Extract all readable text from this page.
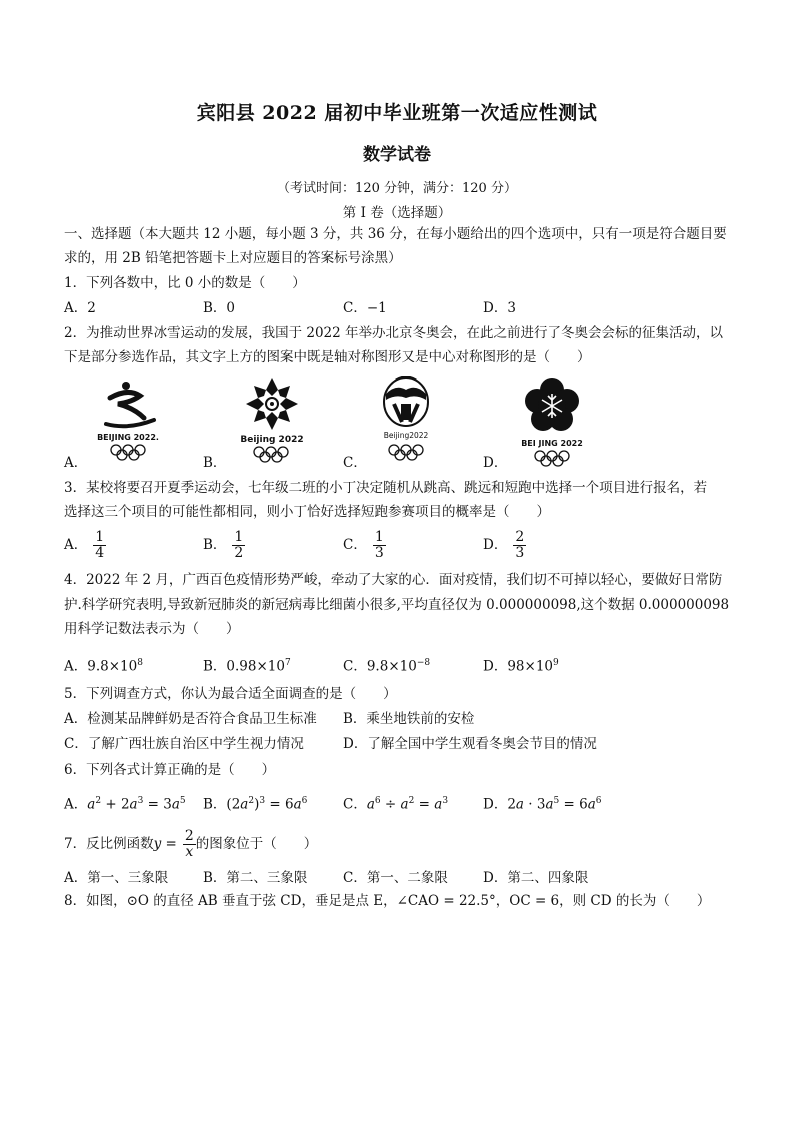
宾阳县 2022 届初中毕业班第一次适应性测试
数学试卷
（考试时间：120 分钟，满分：120 分）
第 I 卷（选择题）
一、选择题（本大题共 12 小题，每小题 3 分，共 36 分，在每小题给出的四个选项中，只有一项是符合题目要
求的，用 2B 铅笔把答题卡上对应题目的答案标号涂黑）
1．下列各数中，比 0 小的数是（　　）
A．2	B．0	C．−1	D．3
2．为推动世界冰雪运动的发展，我国于 2022 年举办北京冬奥会，在此之前进行了冬奥会会标的征集活动，以
下是部分参选作品，其文字上方的图案中既是轴对称图形又是中心对称图形的是（　　）
BEIJING 2022.	Beijing 2022	Beijing2022
BEI JING 2022
A．	B．	C．	D．
3．某校将要召开夏季运动会，七年级二班的小丁决定随机从跳高、跳远和短跑中选择一个项目进行报名，若
选择这三个项目的可能性都相同，则小丁恰好选择短跑参赛项目的概率是（　　）
A． $\frac{1}{4}$	B． $\frac{1}{2}$	C． $\frac{1}{3}$	D． $\frac{2}{3}$
4．2022 年 2 月，广西百色疫情形势严峻，牵动了大家的心．面对疫情，我们切不可掉以轻心，要做好日常防
护.科学研究表明,导致新冠肺炎的新冠病毒比细菌小很多,平均直径仅为 0.000000098,这个数据 0.000000098
用科学记数法表示为（　　）
A．$9.8\times 10^8$	B．$0.98\times 10^7$	C．$9.8\times 10^{-8}$	D．$98\times 10^9$
5．下列调查方式，你认为最合适全面调查的是（　　）
A．检测某品牌鲜奶是否符合食品卫生标准 B．乘坐地铁前的安检
C．了解广西壮族自治区中学生视力情况	D．了解全国中学生观看冬奥会节目的情况
6．下列各式计算正确的是（　　）
A．$a^2 + 2a^3 = 3a^5$ B．$(2a^2)^3 = 6a^6$	C．$a^6 \div a^2 = a^3$	D．$2a \cdot 3a^5 = 6a^6$
7．反比例函数$y = \frac{2}{x}$ 的图象位于（　　）
A．第一、三象限	B．第二、三象限	C．第一、二象限	D．第二、四象限
8．如图，⊙O 的直径 AB 垂直于弦 CD，垂足是点 E，∠CAO = 22.5°，OC = 6，则 CD 的长为（　　）
